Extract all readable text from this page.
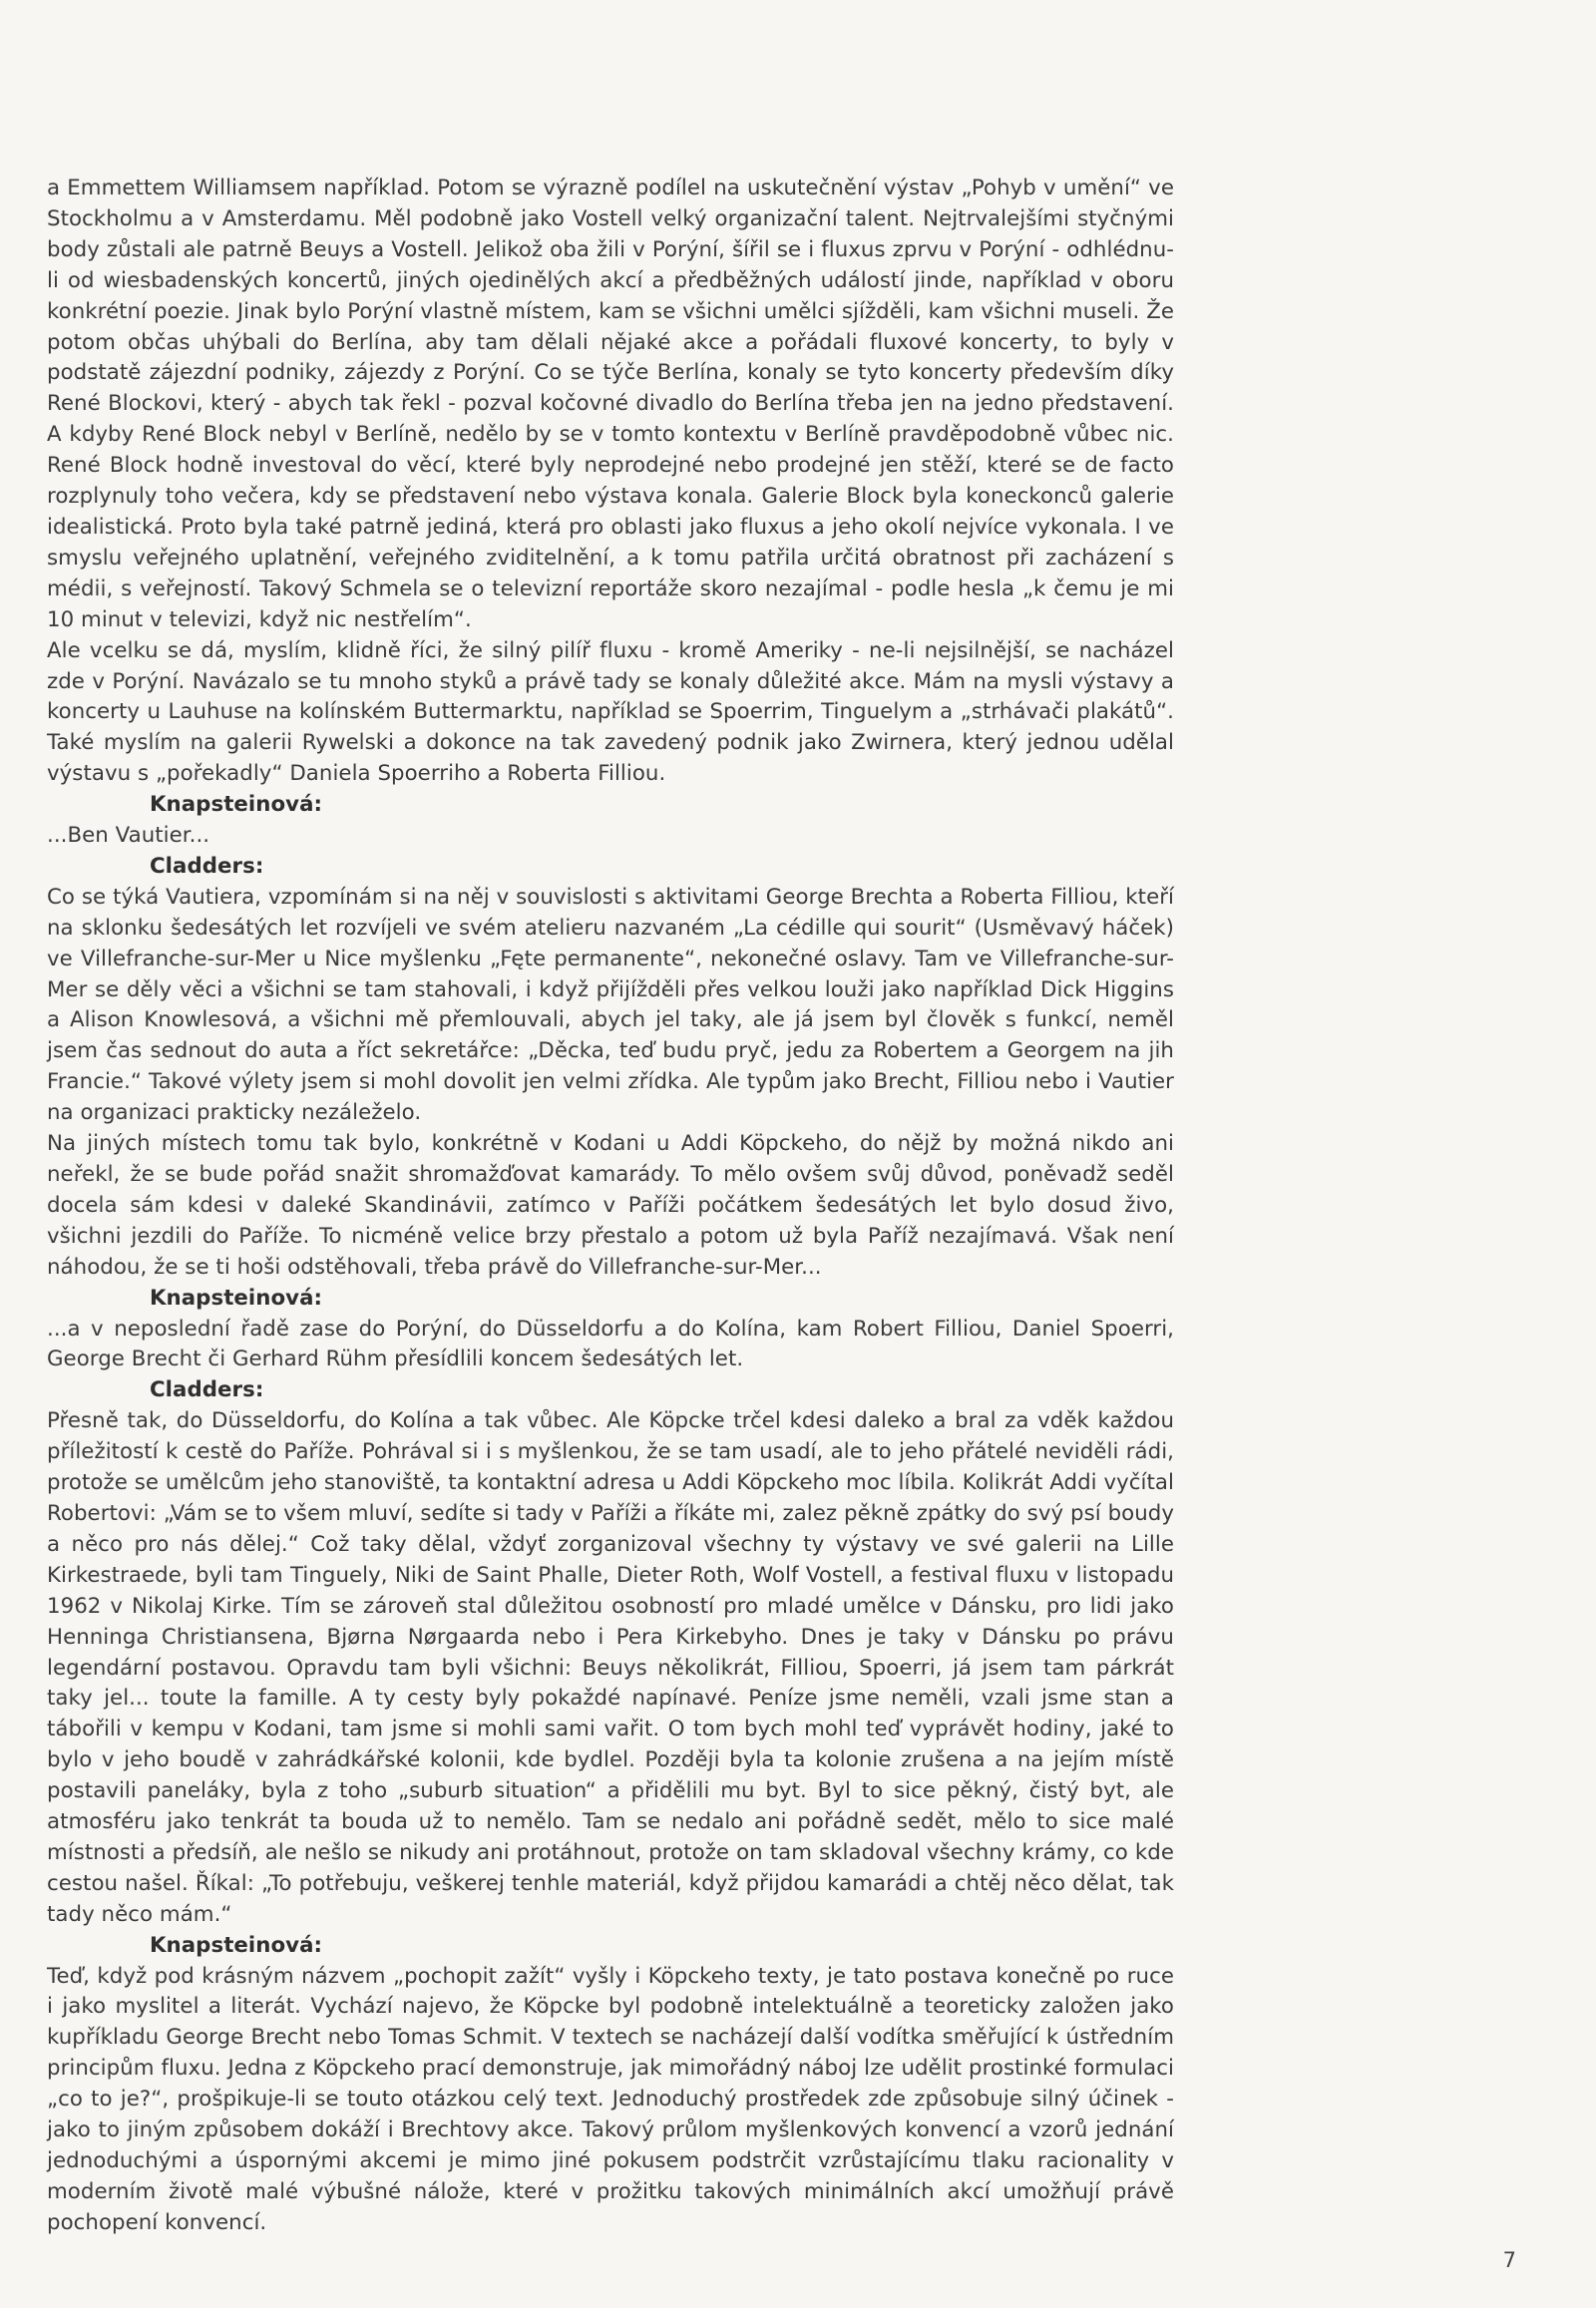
a Emmettem Williamsem například. Potom se výrazně podílel na uskutečnění výstav „Pohyb v umění“ ve Stockholmu a v Amsterdamu. Měl podobně jako Vostell velký organizační talent. Nejtrvalejšími styčnými body zůstali ale patrně Beuys a Vostell. Jelikož oba žili v Porýní, šířil se i fluxus zprvu v Porýní - odhlédnu-li od wiesbadenských koncertů, jiných ojedinělých akcí a předběžných událostí jinde, například v oboru konkrétní poezie. Jinak bylo Porýní vlastně místem, kam se všichni umělci sjížděli, kam všichni museli. Že potom občas uhýbali do Berlína, aby tam dělali nějaké akce a pořádali fluxové koncerty, to byly v podstatě zájezdní podniky, zájezdy z Porýní. Co se týče Berlína, konaly se tyto koncerty především díky René Blockovi, který - abych tak řekl - pozval kočovné divadlo do Berlína třeba jen na jedno představení. A kdyby René Block nebyl v Berlíně, nedělo by se v tomto kontextu v Berlíně pravděpodobně vůbec nic. René Block hodně investoval do věcí, které byly neprodejné nebo prodejné jen stěží, které se de facto rozplynuly toho večera, kdy se představení nebo výstava konala. Galerie Block byla koneckonců galerie idealistická. Proto byla také patrně jediná, která pro oblasti jako fluxus a jeho okolí nejvíce vykonala. I ve smyslu veřejného uplatnění, veřejného zviditelnění, a k tomu patřila určitá obratnost při zacházení s médii, s veřejností. Takový Schmela se o televizní reportáže skoro nezajímal - podle hesla „k čemu je mi 10 minut v televizi, když nic nestřelím“.

Ale vcelku se dá, myslím, klidně říci, že silný pilíř fluxu - kromě Ameriky - ne-li nejsilnější, se nacházel zde v Porýní. Navázalo se tu mnoho styků a právě tady se konaly důležité akce. Mám na mysli výstavy a koncerty u Lauhuse na kolínském Buttermarktu, například se Spoerrim, Tinguelym a „strhávači plakátů“. Také myslím na galerii Rywelski a dokonce na tak zavedený podnik jako Zwirnera, který jednou udělal výstavu s „pořekadly“ Daniela Spoerriho a Roberta Filliou.

Knapsteinová:

...Ben Vautier...

Cladders:

Co se týká Vautiera, vzpomínám si na něj v souvislosti s aktivitami George Brechta a Roberta Filliou, kteří na sklonku šedesátých let rozvíjeli ve svém atelieru nazvaném „La cédille qui sourit“ (Usměvavý háček) ve Villefranche-sur-Mer u Nice myšlenku „Fęte permanente“, nekonečné oslavy. Tam ve Villefranche-sur-Mer se děly věci a všichni se tam stahovali, i když přijížděli přes velkou louži jako například Dick Higgins a Alison Knowlesová, a všichni mě přemlouvali, abych jel taky, ale já jsem byl člověk s funkcí, neměl jsem čas sednout do auta a říct sekretářce: „Děcka, teď budu pryč, jedu za Robertem a Georgem na jih Francie.“ Takové výlety jsem si mohl dovolit jen velmi zřídka. Ale typům jako Brecht, Filliou nebo i Vautier na organizaci prakticky nezáleželo.

Na jiných místech tomu tak bylo, konkrétně v Kodani u Addi Köpckeho, do nějž by možná nikdo ani neřekl, že se bude pořád snažit shromažďovat kamarády. To mělo ovšem svůj důvod, poněvadž seděl docela sám kdesi v daleké Skandinávii, zatímco v Paříži počátkem šedesátých let bylo dosud živo, všichni jezdili do Paříže. To nicméně velice brzy přestalo a potom už byla Paříž nezajímavá. Však není náhodou, že se ti hoši odstěhovali, třeba právě do Villefranche-sur-Mer...

Knapsteinová:

...a v neposlední řadě zase do Porýní, do Düsseldorfu a do Kolína, kam Robert Filliou, Daniel Spoerri, George Brecht či Gerhard Rühm přesídlili koncem šedesátých let.

Cladders:

Přesně tak, do Düsseldorfu, do Kolína a tak vůbec. Ale Köpcke trčel kdesi daleko a bral za vděk každou příležitostí k cestě do Paříže. Pohrával si i s myšlenkou, že se tam usadí, ale to jeho přátelé neviděli rádi, protože se umělcům jeho stanoviště, ta kontaktní adresa u Addi Köpckeho moc líbila. Kolikrát Addi vyčítal Robertovi: „Vám se to všem mluví, sedíte si tady v Paříži a říkáte mi, zalez pěkně zpátky do svý psí boudy a něco pro nás dělej.“ Což taky dělal, vždyť zorganizoval všechny ty výstavy ve své galerii na Lille Kirkestraede, byli tam Tinguely, Niki de Saint Phalle, Dieter Roth, Wolf Vostell, a festival fluxu v listopadu 1962 v Nikolaj Kirke. Tím se zároveň stal důležitou osobností pro mladé umělce v Dánsku, pro lidi jako Henninga Christiansena, Bjørna Nørgaarda nebo i Pera Kirkebyho. Dnes je taky v Dánsku po právu legendární postavou. Opravdu tam byli všichni: Beuys několikrát, Filliou, Spoerri, já jsem tam párkrát taky jel... toute la famille. A ty cesty byly pokaždé napínavé. Peníze jsme neměli, vzali jsme stan a tábořili v kempu v Kodani, tam jsme si mohli sami vařit. O tom bych mohl teď vyprávět hodiny, jaké to bylo v jeho boudě v zahrádkářské kolonii, kde bydlel. Později byla ta kolonie zrušena a na jejím místě postavili paneláky, byla z toho „suburb situation“ a přidělili mu byt. Byl to sice pěkný, čistý byt, ale atmosféru jako tenkrát ta bouda už to nemělo. Tam se nedalo ani pořádně sedět, mělo to sice malé místnosti a předsíň, ale nešlo se nikudy ani protáhnout, protože on tam skladoval všechny krámy, co kde cestou našel. Říkal: „To potřebuju, veškerej tenhle materiál, když přijdou kamarádi a chtěj něco dělat, tak tady něco mám.“

Knapsteinová:

Teď, když pod krásným názvem „pochopit zažít“ vyšly i Köpckeho texty, je tato postava konečně po ruce i jako myslitel a literát. Vychází najevo, že Köpcke byl podobně intelektuálně a teoreticky založen jako kupříkladu George Brecht nebo Tomas Schmit. V textech se nacházejí další vodítka směřující k ústředním principům fluxu. Jedna z Köpckeho prací demonstruje, jak mimořádný náboj lze udělit prostinké formulaci „co to je?“, prošpikuje-li se touto otázkou celý text. Jednoduchý prostředek zde způsobuje silný účinek - jako to jiným způsobem dokáží i Brechtovy akce. Takový průlom myšlenkových konvencí a vzorů jednání jednoduchými a úspornými akcemi je mimo jiné pokusem podstrčit vzrůstajícímu tlaku racionality v moderním životě malé výbušné nálože, které v prožitku takových minimálních akcí umožňují právě pochopení konvencí.

7
